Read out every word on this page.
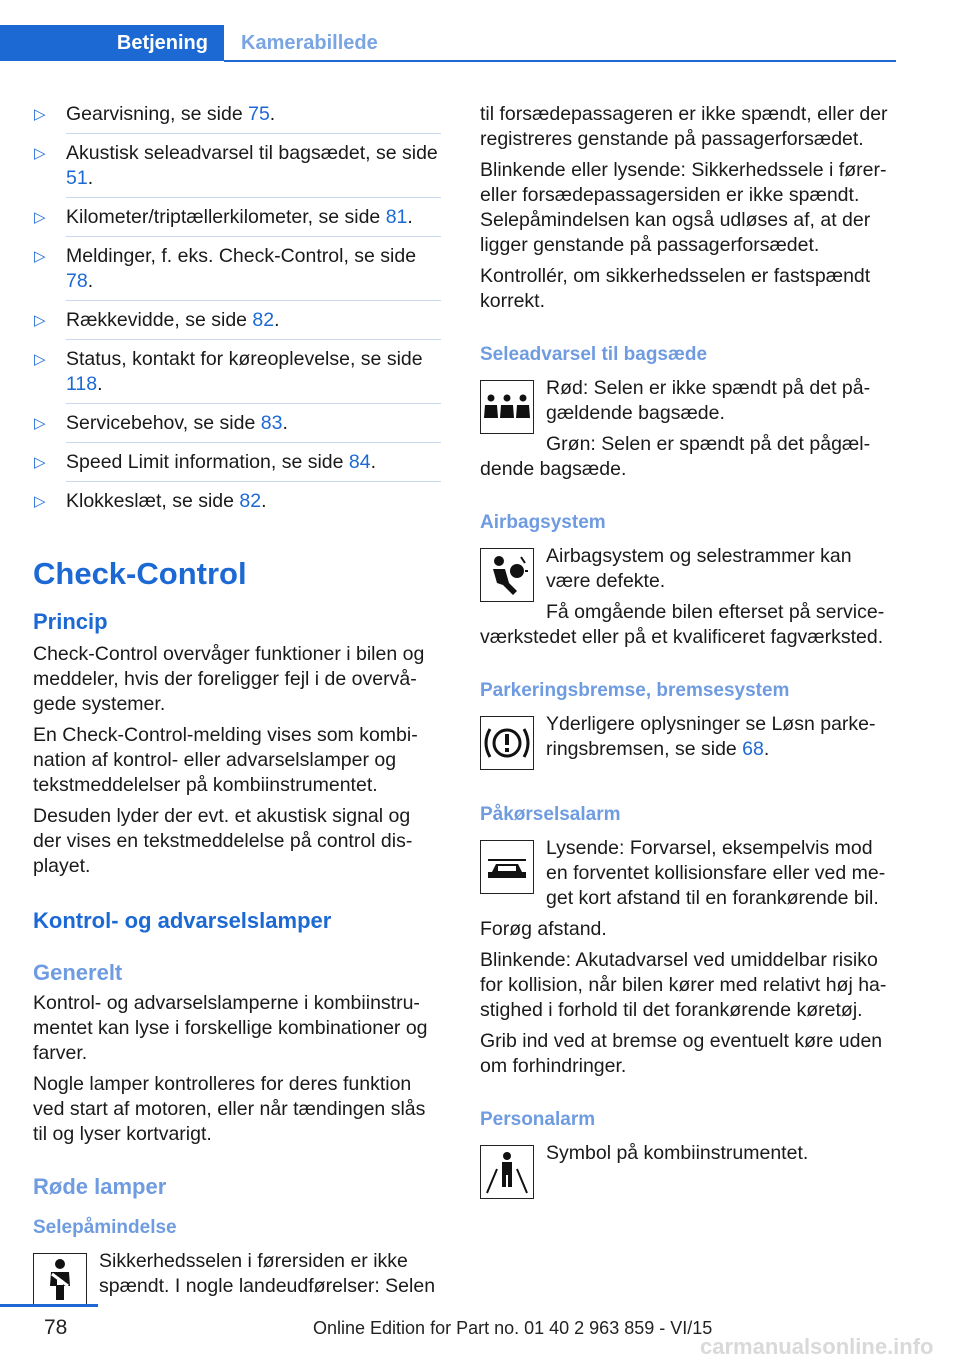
Betjening	Kamerabillede
▷ Gearvisning, se side 75.
▷ Akustisk seleadvarsel til bagsædet, se side 51.
▷ Kilometer/triptællerkilometer, se side 81.
▷ Meldinger, f. eks. Check-Control, se side 78.
▷ Rækkevidde, se side 82.
▷ Status, kontakt for køreoplevelse, se side 118.
▷ Servicebehov, se side 83.
▷ Speed Limit information, se side 84.
▷ Klokkeslæt, se side 82.
Check-Control
Princip

Check-Control overvåger funktioner i bilen og meddeler, hvis der foreligger fejl i de overvågede systemer.

En Check-Control-melding vises som kombination af kontrol- eller advarselslamper og tekstmeddelelser på kombiinstrumentet.

Desuden lyder der evt. et akustisk signal og der vises en tekstmeddelelse på control displayet.

Kontrol- og advarselslamper
Generelt

Kontrol- og advarselslamperne i kombiinstrumentet kan lyse i forskellige kombinationer og farver.

Nogle lamper kontrolleres for deres funktion ved start af motoren, eller når tændingen slås til og lyser kortvarigt.

Røde lamper
Selepåmindelse

Sikkerhedsselen i førersiden er ikke spændt. I nogle landeudførelser: Selen

til forsædepassageren er ikke spændt, eller der registreres genstande på passagerforsædet.

Blinkende eller lysende: Sikkerhedssele i fører- eller forsædepassagersiden er ikke spændt. Selepåmindelsen kan også udløses af, at der ligger genstande på passagerforsædet.

Kontrollér, om sikkerhedsselen er fastspændt korrekt.

Seleadvarsel til bagsæde

Rød: Selen er ikke spændt på det pågældende bagsæde.

Grøn: Selen er spændt på det pågældende bagsæde.

Airbagsystem

Airbagsystem og selestrammer kan være defekte.

Få omgående bilen efterset på serviceværkstedet eller på et kvalificeret fagværksted.

Parkeringsbremse, bremsesystem

Yderligere oplysninger se Løsn parkeringsbremsen, se side 68.

Påkørselsalarm

Lysende: Forvarsel, eksempelvis mod en forventet kollisionsfare eller ved meget kort afstand til en forankørende bil.

Forøg afstand.

Blinkende: Akutadvarsel ved umiddelbar risiko for kollision, når bilen kører med relativt høj hastighed i forhold til det forankørende køretøj.

Grib ind ved at bremse og eventuelt køre uden om forhindringer.

Personalarm

Symbol på kombiinstrumentet.

78	Online Edition for Part no. 01 40 2 963 859 - VI/15
carmanualsonline.info
